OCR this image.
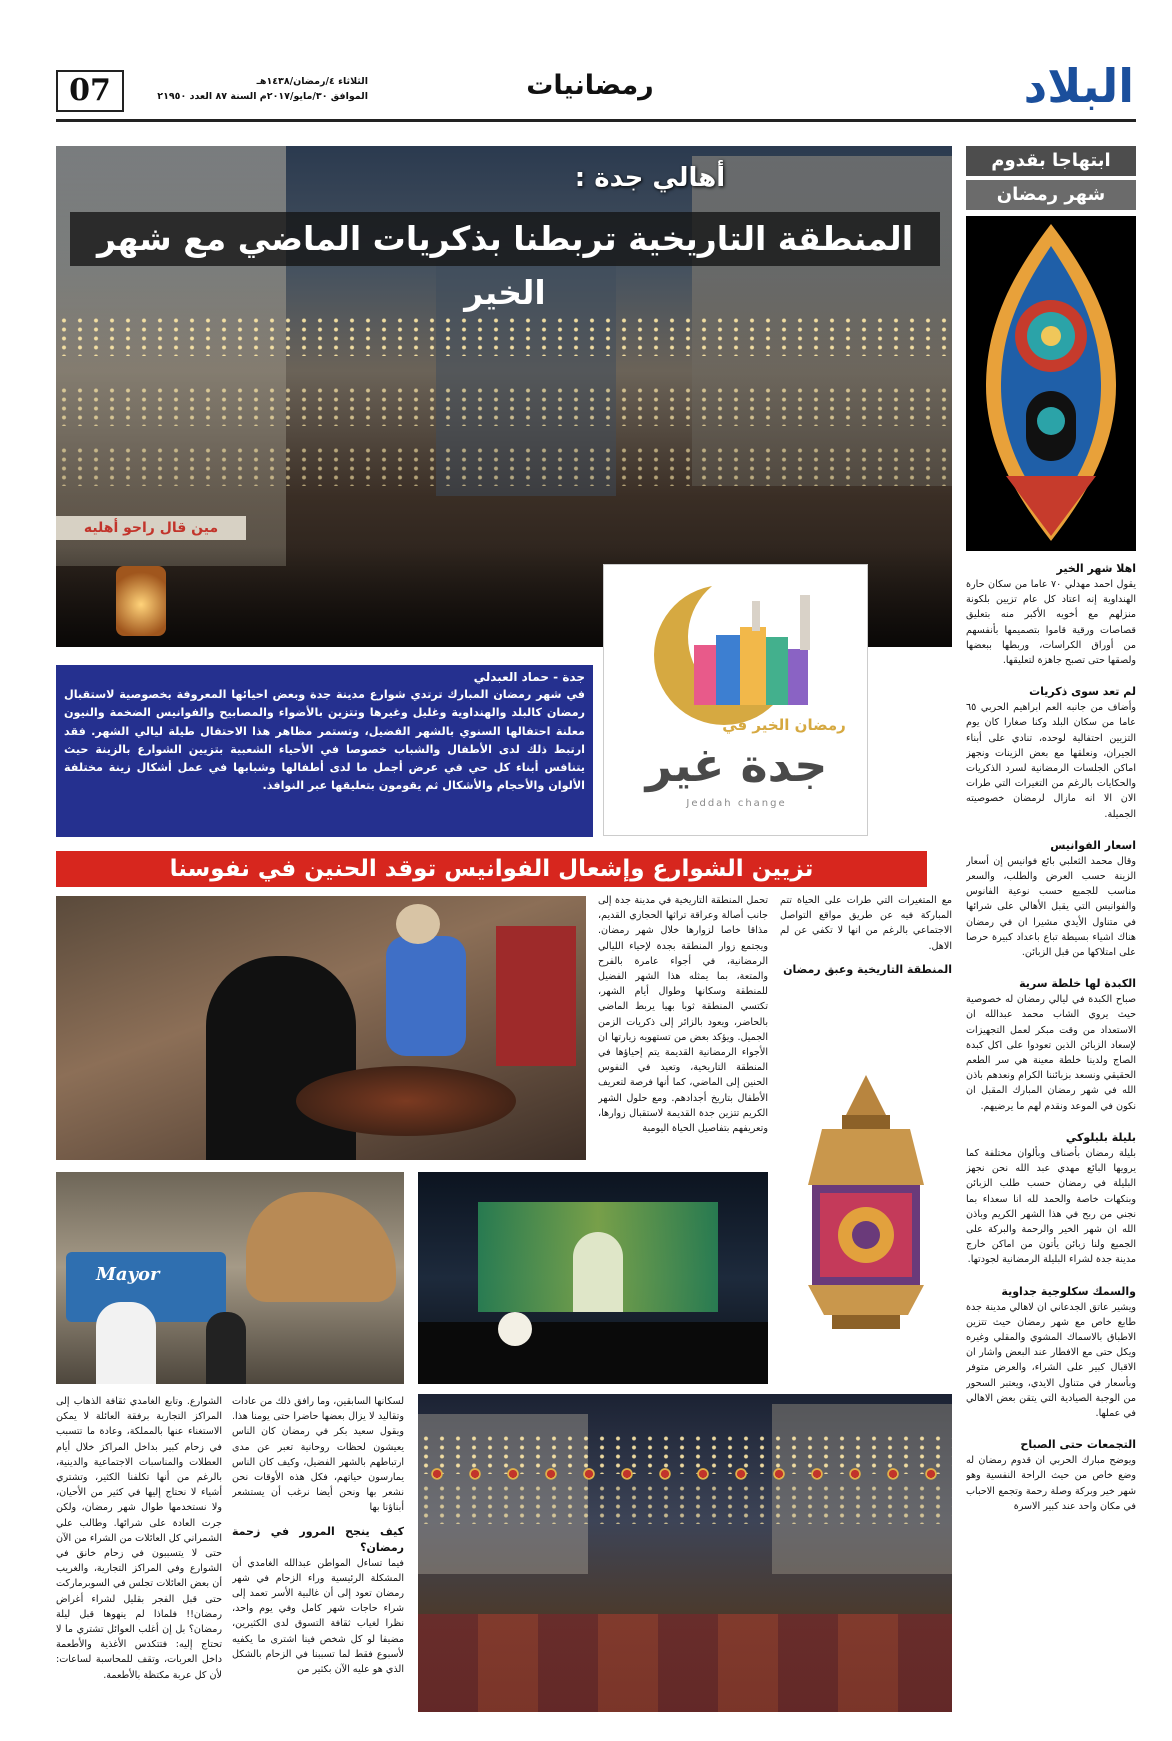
البلاد
رمضانيات
الثلاثاء ٤/رمضان/١٤٣٨هـ
الموافق ٣٠/مايو/٢٠١٧م السنة ٨٧ العدد ٢١٩٥٠
07
مين قال راحو أهليه
أهالي جدة :
المنطقة التاريخية تربطنا بذكريات الماضي مع شهر الخير
جدة - حماد العبدلي
في شهر رمضان المبارك ترتدي شوارع مدينة جدة وبعض احيائها المعروفة بخصوصية لاستقبال رمضان كالبلد والهنداوية وغليل وغيرها وتتزين بالأضواء والمصابيح والفوانيس الضخمة والنيون معلنة احتفالها السنوي بالشهر الفضيل، وتستمر مظاهر هذا الاحتفال طيلة ليالي الشهر. فقد ارتبط ذلك لدى الأطفال والشباب خصوصا في الأحياء الشعبية بتزيين الشوارع بالزينة حيث يتنافس أبناء كل حي في عرض أجمل ما لدى أطفالها وشبابها في عمل أشكال زينة مختلفة الألوان والأحجام والأشكال ثم يقومون بتعليقها عبر النوافذ.
رمضان الخير في
جدة غير
Jeddah change
تزيين الشوارع وإشعال الفوانيس توقد الحنين في نفوسنا
مع المتغيرات التي طرات على الحياة تتم المباركة فيه عن طريق مواقع التواصل الاجتماعي بالرغم من انها لا تكفي عن لم الاهل.
المنطقة التاريخية وعبق رمضان
تحمل المنطقة التاريخية في مدينة جدة إلى جانب أصالة وعراقة تراثها الحجازي القديم، مذاقا خاصا لزوارها خلال شهر رمضان. ويجتمع زوار المنطقة بجدة لإحياء الليالي الرمضانية، في أجواء عامرة بالفرح والمتعة، بما يمثله هذا الشهر الفضيل للمنطقة وسكانها وطوال أيام الشهر، تكتسي المنطقة ثوبا بهيا يربط الماضي بالحاضر، ويعود بالزائر إلى ذكريات الزمن الجميل. ويؤكد بعض من تستهويه زيارتها ان الأجواء الرمضانية القديمة يتم إحياؤها في المنطقة التاريخية، وتعيد في النفوس الحنين إلى الماضي، كما أنها فرصة لتعريف الأطفال بتاريخ أجدادهم. ومع حلول الشهر الكريم تتزين جدة القديمة لاستقبال زوارها، وتعريفهم بتفاصيل الحياة اليومية
Mayor
لسكانها السابقين، وما رافق ذلك من عادات وتقاليد لا يزال بعضها حاضرا حتى يومنا هذا. ويقول سعيد بكر في رمضان كان الناس يعيشون لحظات روحانية تعبر عن مدى ارتباطهم بالشهر الفضيل، وكيف كان الناس يمارسون حياتهم، فكل هذه الأوقات نحن نشعر بها ونحن أيضا نرغب أن يستشعر أبناؤنا بها
كيف ينجح المرور في زحمة رمضان؟
فيما تساءل المواطن عبدالله الغامدي أن المشكلة الرئيسية وراء الزحام في شهر رمضان تعود إلى أن غالبية الأسر تعمد إلى شراء حاجات شهر كامل وفي يوم واحد، نظرا لغياب ثقافة التسوق لدى الكثيرين، مضيفا لو كل شخص فينا اشترى ما يكفيه لأسبوع فقط لما تسببنا في الزحام بالشكل الذي هو عليه الآن بكثير من
الشوارع. وتابع الغامدي ثقافة الذهاب إلى المراكز التجارية برفقة العائلة لا يمكن الاستغناء عنها بالمملكة، وعادة ما تتسبب في زحام كبير بداخل المراكز خلال أيام العطلات والمناسبات الاجتماعية والدينية، بالرغم من أنها تكلفنا الكثير، وتشتري أشياء لا نحتاج إليها في كثير من الأحيان، ولا نستخدمها طوال شهر رمضان، ولكن جرت العادة على شرائها. وطالب علي الشمراني كل العائلات من الشراء من الآن حتى لا يتسببون في زحام خانق في الشوارع وفي المراكز التجارية، والغريب أن بعض العائلات تجلس في السوبرماركت حتى قبل الفجر بقليل لشراء أغراض رمضان!! فلماذا لم ينهوها قبل ليلة رمضان؟ بل إن أغلب العوائل تشتري ما لا تحتاج إليه: فتتكدس الأغذية والأطعمة داخل العربات، وتقف للمحاسبة لساعات: لأن كل عربة مكتظة بالأطعمة.
ابتهاجا بقدوم
شهر رمضان
اهلا شهر الخير
يقول احمد مهدلي ٧٠ عاما من سكان حارة الهنداوية إنه اعتاد كل عام تزيين بلكونة منزلهم مع أخويه الأكبر منه بتعليق قصاصات ورقية قاموا بتصميمها بأنفسهم من أوراق الكراسات، وربطها ببعضها ولصقها حتى تصبح جاهزة لتعليقها.
لم تعد سوى ذكريات
وأضاف من جانبه العم ابراهيم الحربي ٦٥ عاما من سكان البلد وكنا صغارا كان يوم التزيين احتفالية لوحده، تنادي على أبناء الجيران، ونعلقها مع بعض الزينات ونجهز اماكن الجلسات الرمضانية لسرد الذكريات والحكايات بالرغم من التغيرات التي طرات الان الا انه مازال لرمضان خصوصيته الجميلة.
اسعار الفوانيس
وقال محمد الثعلبي بائع فوانيس إن أسعار الزينة حسب العرض والطلب، والسعر مناسب للجميع حسب نوعية الفانوس والفوانيس التي يقبل الأهالي على شرائها في متناول الأيدي مشيرا ان في رمضان هناك اشياء بسيطة تباع باعداد كبيرة حرصا على امتلاكها من قبل الزبائن.
الكبدة لها خلطة سرية
صباح الكبدة في ليالي رمضان له خصوصية حيث يروي الشاب محمد عبدالله ان الاستعداد من وقت مبكر لعمل التجهيزات لإسعاد الزبائن الذين تعودوا على اكل كبدة الصاج ولدينا خلطة معينة هي سر الطعم الحقيقي ونسعد بزبائننا الكرام ونعدهم باذن الله في شهر رمضان المبارك المقبل ان نكون في الموعد ونقدم لهم ما يرضيهم.
بليلة بلبلوكي
بليلة رمضان بأصناف وبألوان مختلفة كما يرويها البائع مهدي عبد الله نحن نجهز البليلة في رمضان حسب طلب الزبائن وبنكهات خاصة والحمد لله انا سعداء بما نجني من ربح في هذا الشهر الكريم وباذن الله ان شهر الخير والرحمة والبركة على الجميع ولنا زبائن يأتون من اماكن خارج مدينة جدة لشراء البليلة الرمضانية لجودتها.
والسمك سكلوجية جداوية
ويشير عاتق الجدعاني ان لاهالي مدينة جدة طابع خاص مع شهر رمضان حيث تتزين الاطباق بالاسماك المشوي والمقلي وغيره ويكل حتى مع الافطار عند البعض واشار ان الاقبال كبير على الشراء، والعرض متوفر وبأسعار في متناول الايدي، ويعتبر السحور من الوجبة الصيادية التي يتقن بعض الاهالي في عملها.
التجمعات حتى الصباح
ويوضح مبارك الحربي ان قدوم رمضان له وضع خاص من حيث الراحة النفسية وهو شهر خير وبركة وصلة رحمة وتجمع الاحباب في مكان واحد عند كبير الاسرة
